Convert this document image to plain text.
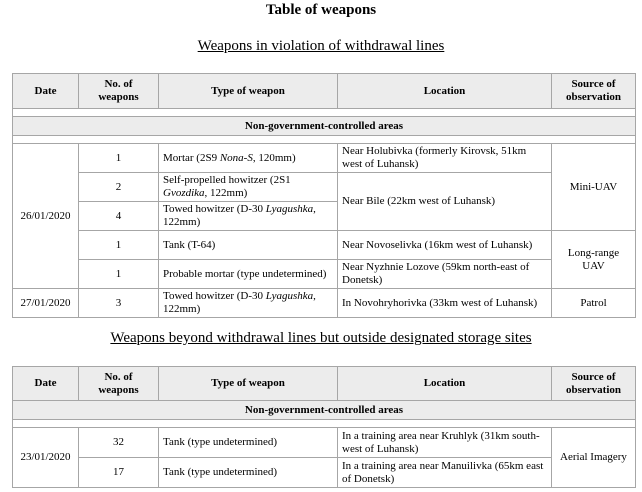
Table of weapons
Weapons in violation of withdrawal lines
Date	No. of weapons	Type of weapon	Location	Source of observation

Non-government-controlled areas				

26/01/2020	1	Mortar (2S9 Nona-S, 120mm)	Near Holubivka (formerly Kirovsk, 51km west of Luhansk)	Mini-UAV
	2	Self-propelled howitzer (2S1 Gvozdika, 122mm)	Near Bile (22km west of Luhansk)	
	4	Towed howitzer (D-30 Lyagushka, 122mm)		
	1	Tank (T-64)	Near Novoselivka (16km west of Luhansk)	Long-range UAV
	1	Probable mortar (type undetermined)	Near Nyzhnie Lozove (59km north-east of Donetsk)	
27/01/2020	3	Towed howitzer (D-30 Lyagushka, 122mm)	In Novohryhorivka (33km west of Luhansk)	Patrol
Weapons beyond withdrawal lines but outside designated storage sites
Date	No. of weapons	Type of weapon	Location	Source of observation
Non-government-controlled areas				

23/01/2020	32	Tank (type undetermined)	In a training area near Kruhlyk (31km south-west of Luhansk)	Aerial Imagery
	17	Tank (type undetermined)	In a training area near Manuilivka (65km east of Donetsk)	
